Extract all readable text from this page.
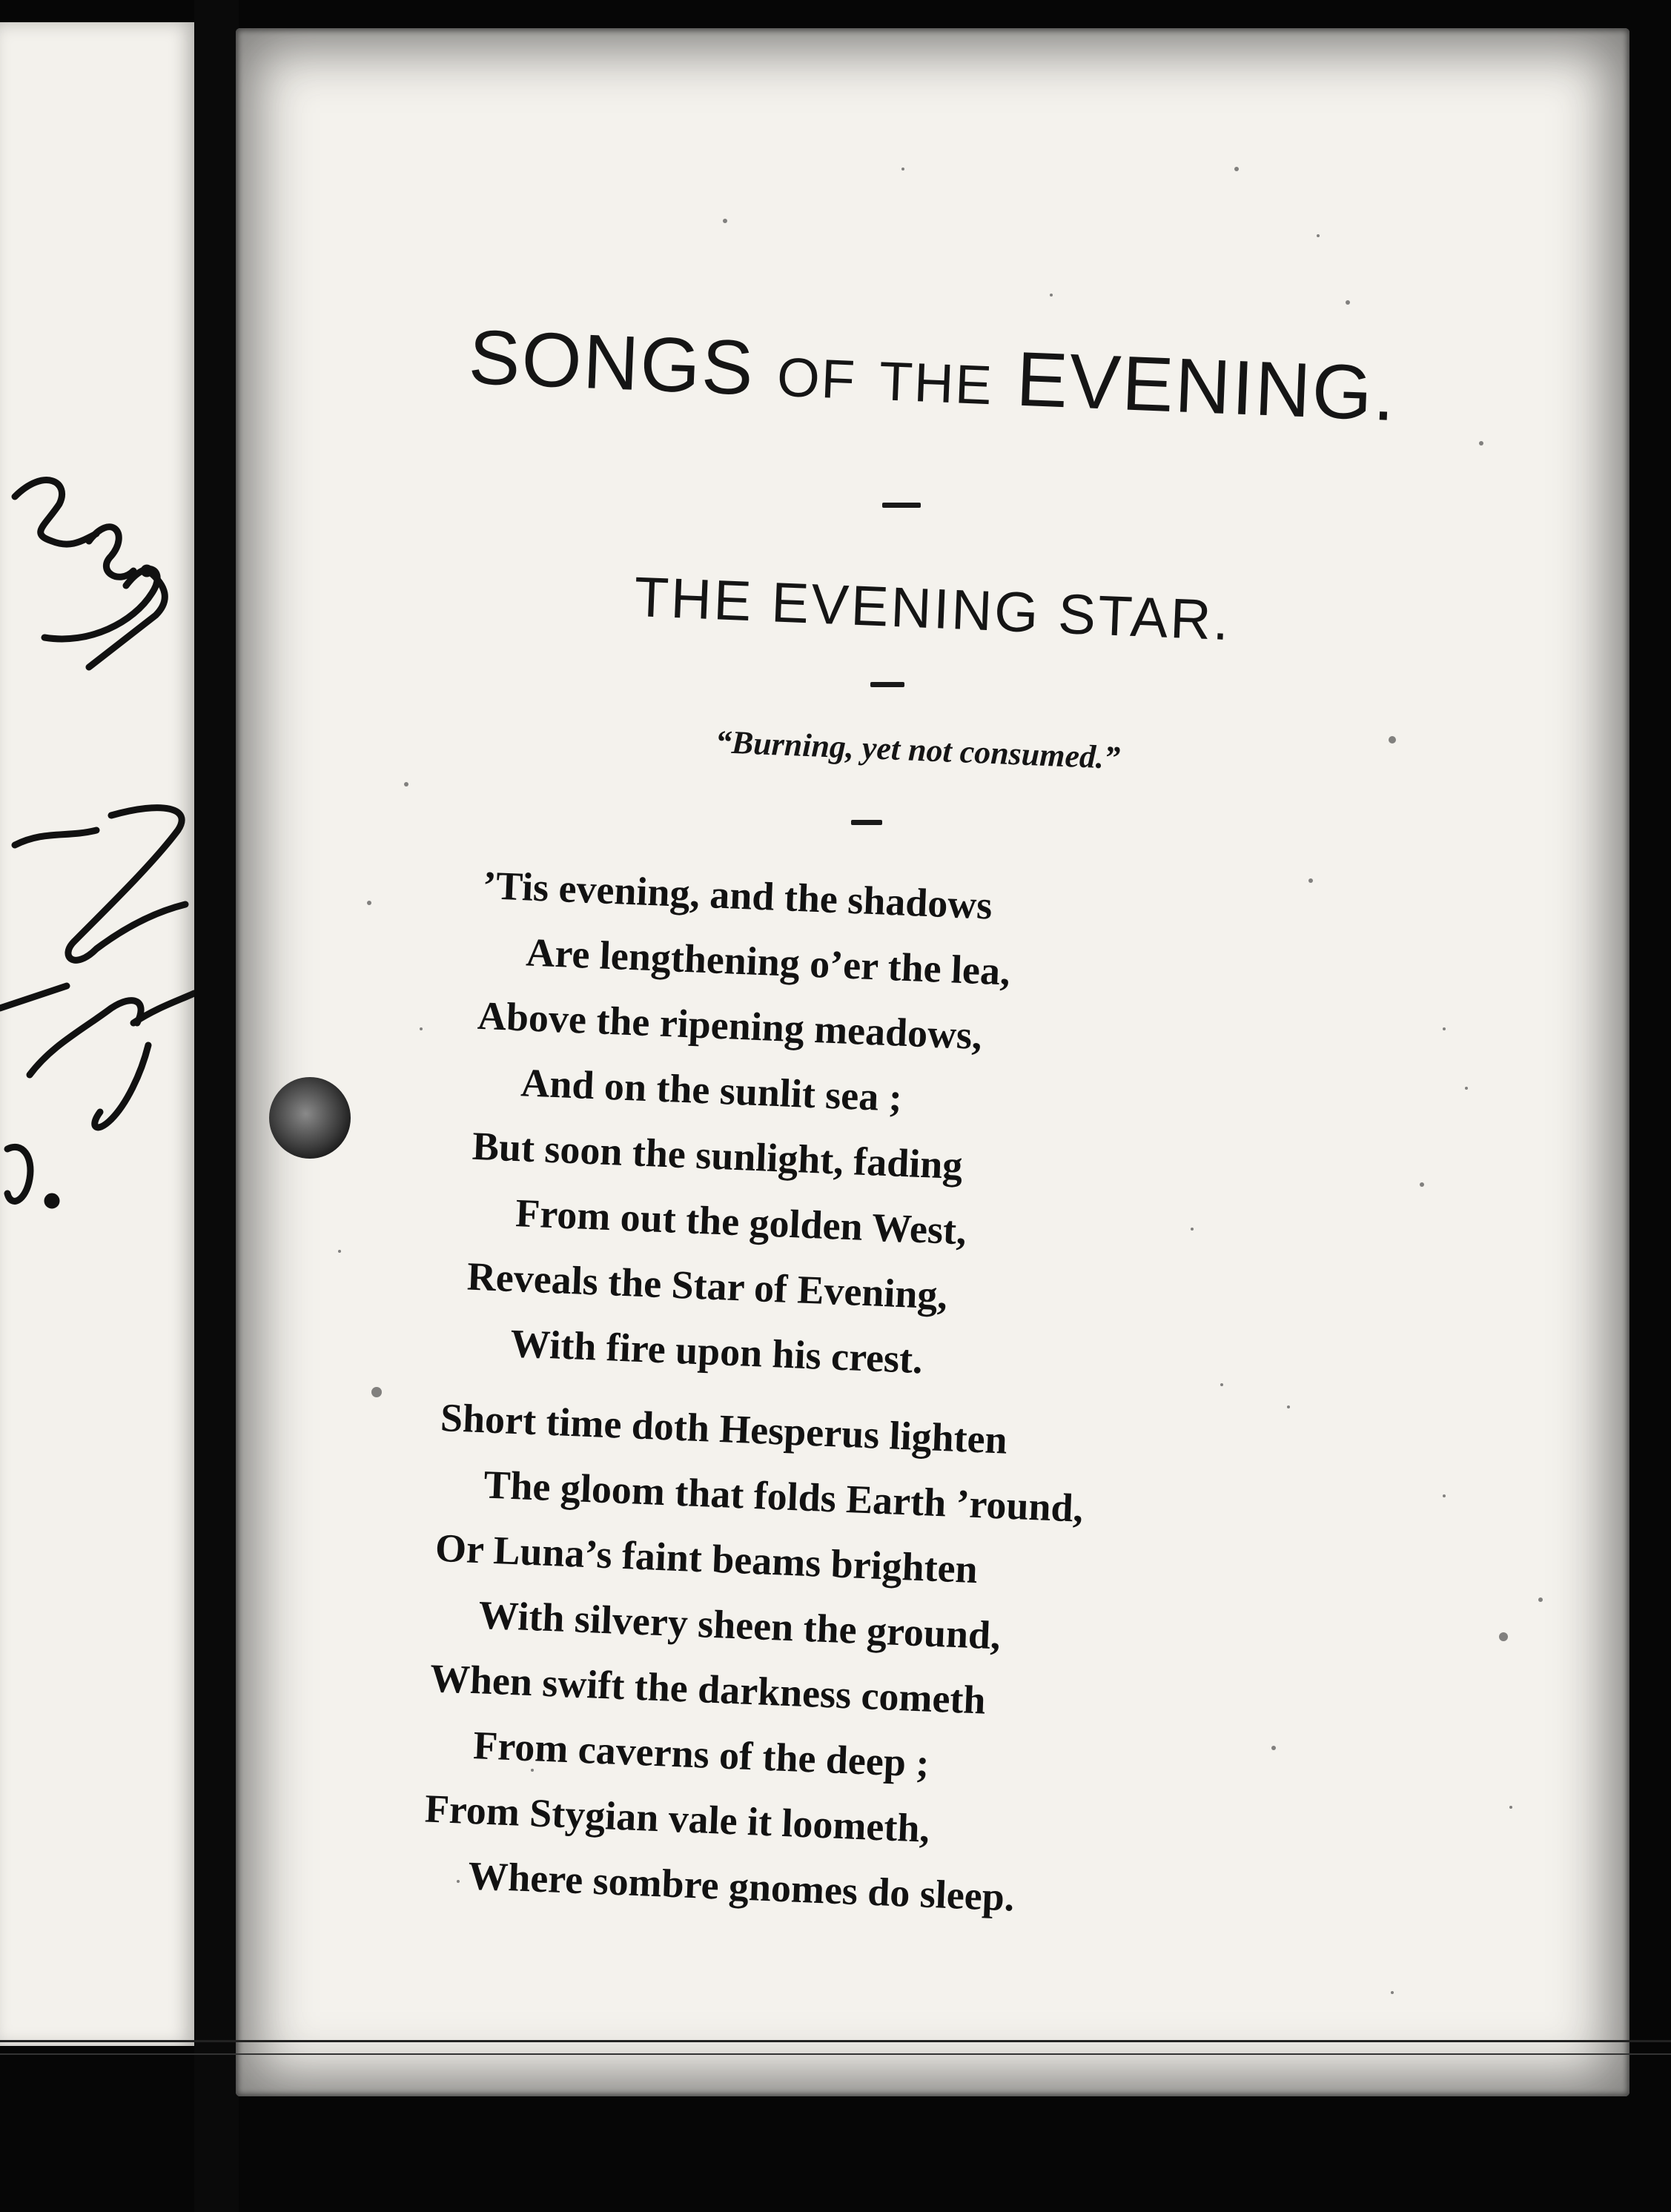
SONGS OF THE EVENING.
THE EVENING STAR.
“Burning, yet not consumed.”
’Tis evening, and the shadows
Are lengthening o’er the lea,
Above the ripening meadows,
And on the sunlit sea ;
But soon the sunlight, fading
From out the golden West,
Reveals the Star of Evening,
With fire upon his crest.
Short time doth Hesperus lighten
The gloom that folds Earth ’round,
Or Luna’s faint beams brighten
With silvery sheen the ground,
When swift the darkness cometh
From caverns of the deep ;
From Stygian vale it loometh,
Where sombre gnomes do sleep.
